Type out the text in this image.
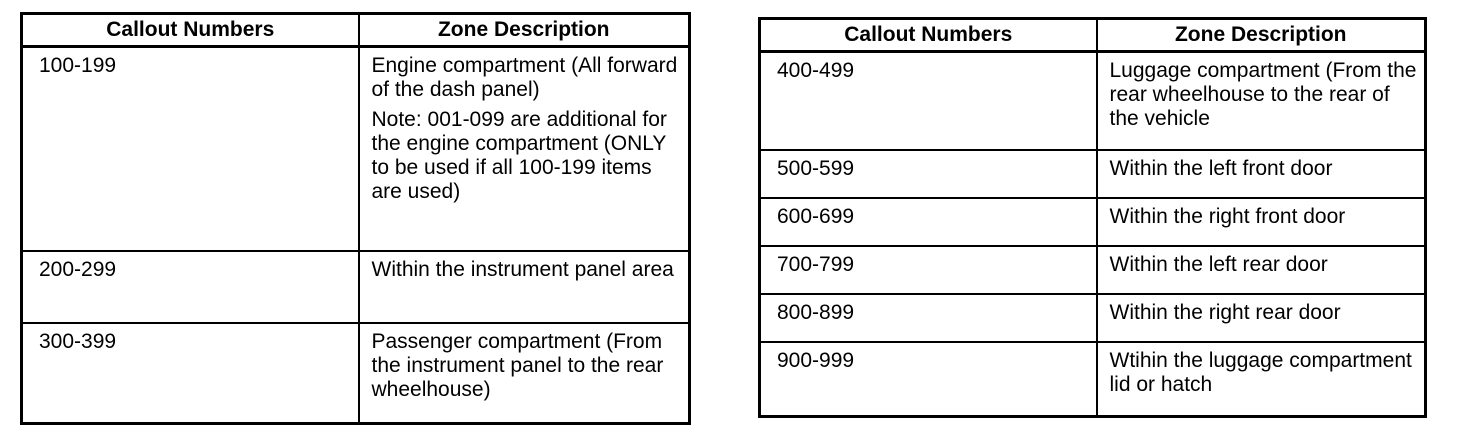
Callout Numbers	Zone Description
100-199	Engine compartment (All forward of the dash panel)
Note: 001-099 are additional for the engine compartment (ONLY to be used if all 100-199 items are used)

200-299	Within the instrument panel area
300-399	Passenger compartment (From the instrument panel to the rear wheelhouse)
Callout Numbers	Zone Description
400-499	Luggage compartment (From the rear wheelhouse to the rear of the vehicle
500-599	Within the left front door
600-699	Within the right front door
700-799	Within the left rear door
800-899	Within the right rear door
900-999	Wtihin the luggage compartment lid or hatch
